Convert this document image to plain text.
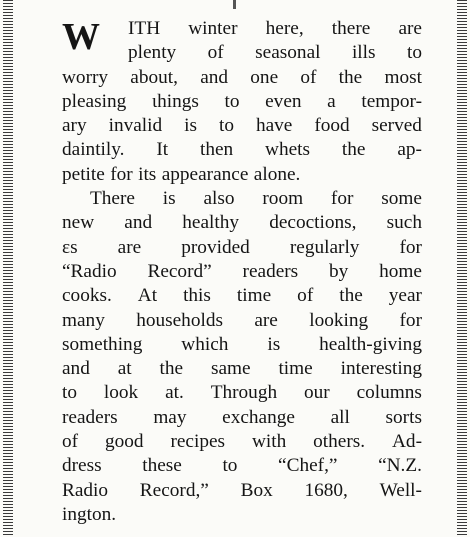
W ITH winter here, there are
plenty of seasonal ills to
worry about, and one of the most
pleasing ιhings to even a tempor-
ary invalid is to have food served
daintily. It then whets the ap-
petite for its appearance alone.
There is also room for some
new and healthy decoctions, such
εs are provided regularly for
“Radio Record” readers by home
cooks. At this time of the year
many households are looking for
something which is health-giving
and at the same time interesting
to look at. Through our columns
readers may exchange all sorts
of good recipes with others. Ad-
dress these to “Chef,” “N.Z.
Radio Record,” Box 1680, Well-
ington.
